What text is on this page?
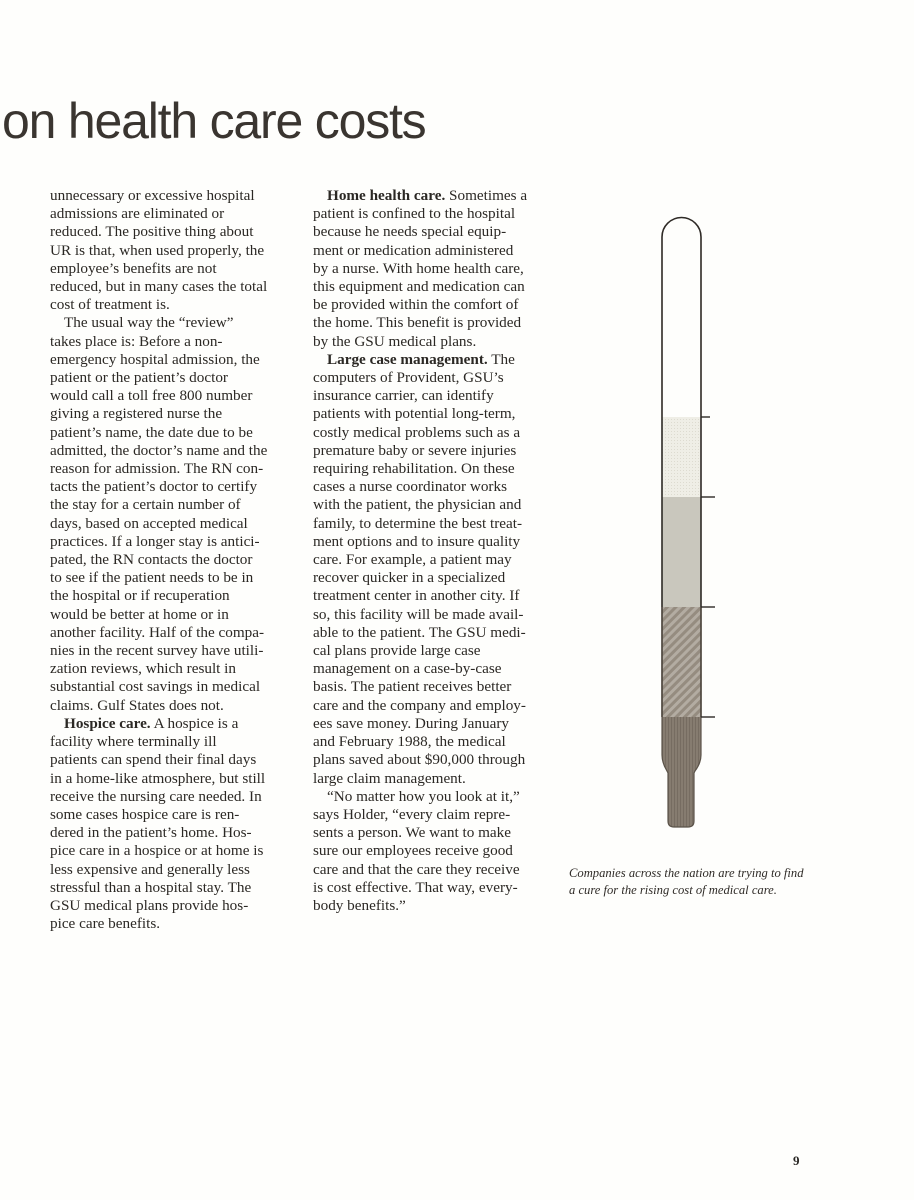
on health care costs

unnecessary or excessive hospital
admissions are eliminated or
reduced. The positive thing about
UR is that, when used properly, the
employee’s benefits are not
reduced, but in many cases the total
cost of treatment is.

The usual way the “review”
takes place is: Before a non-
emergency hospital admission, the
patient or the patient’s doctor
would call a toll free 800 number
giving a registered nurse the
patient’s name, the date due to be
admitted, the doctor’s name and the
reason for admission. The RN con-
tacts the patient’s doctor to certify
the stay for a certain number of
days, based on accepted medical
practices. If a longer stay is antici-
pated, the RN contacts the doctor
to see if the patient needs to be in
the hospital or if recuperation
would be better at home or in
another facility. Half of the compa-
nies in the recent survey have utili-
zation reviews, which result in
substantial cost savings in medical
claims. Gulf States does not.

Hospice care. A hospice is a
facility where terminally ill
patients can spend their final days
in a home-like atmosphere, but still
receive the nursing care needed. In
some cases hospice care is ren-
dered in the patient’s home. Hos-
pice care in a hospice or at home is
less expensive and generally less
stressful than a hospital stay. The
GSU medical plans provide hos-
pice care benefits.

Home health care. Sometimes a
patient is confined to the hospital
because he needs special equip-
ment or medication administered
by a nurse. With home health care,
this equipment and medication can
be provided within the comfort of
the home. This benefit is provided
by the GSU medical plans.

Large case management. The
computers of Provident, GSU’s
insurance carrier, can identify
patients with potential long-term,
costly medical problems such as a
premature baby or severe injuries
requiring rehabilitation. On these
cases a nurse coordinator works
with the patient, the physician and
family, to determine the best treat-
ment options and to insure quality
care. For example, a patient may
recover quicker in a specialized
treatment center in another city. If
so, this facility will be made avail-
able to the patient. The GSU medi-
cal plans provide large case
management on a case-by-case
basis. The patient receives better
care and the company and employ-
ees save money. During January
and February 1988, the medical
plans saved about $90,000 through
large claim management.

“No matter how you look at it,”
says Holder, “every claim repre-
sents a person. We want to make
sure our employees receive good
care and that the care they receive
is cost effective. That way, every-
body benefits.”

Companies across the nation are trying to find
a cure for the rising cost of medical care.
9
